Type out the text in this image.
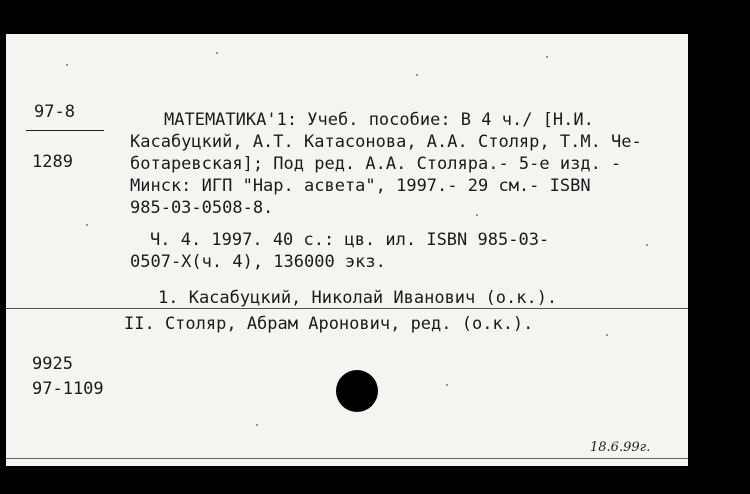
97-8
1289
МАТЕМАТИКА'1: Учеб. пособие: В 4 ч./ [Н.И.
Касабуцкий, А.Т. Катасонова, А.А. Столяр, Т.М. Че-
ботаревская]; Под ред. А.А. Столяра.- 5-е изд. -
Минск: ИГП "Нар. асвета", 1997.- 29 см.- ISBN
985-03-0508-8.
Ч. 4. 1997. 40 с.: цв. ил. ISBN 985-03-
0507-X(ч. 4), 136000 экз.
1. Касабуцкий, Николай Иванович (о.к.).
II. Столяр, Абрам Аронович, ред. (о.к.).
9925
97-1109
18.6.99г.
